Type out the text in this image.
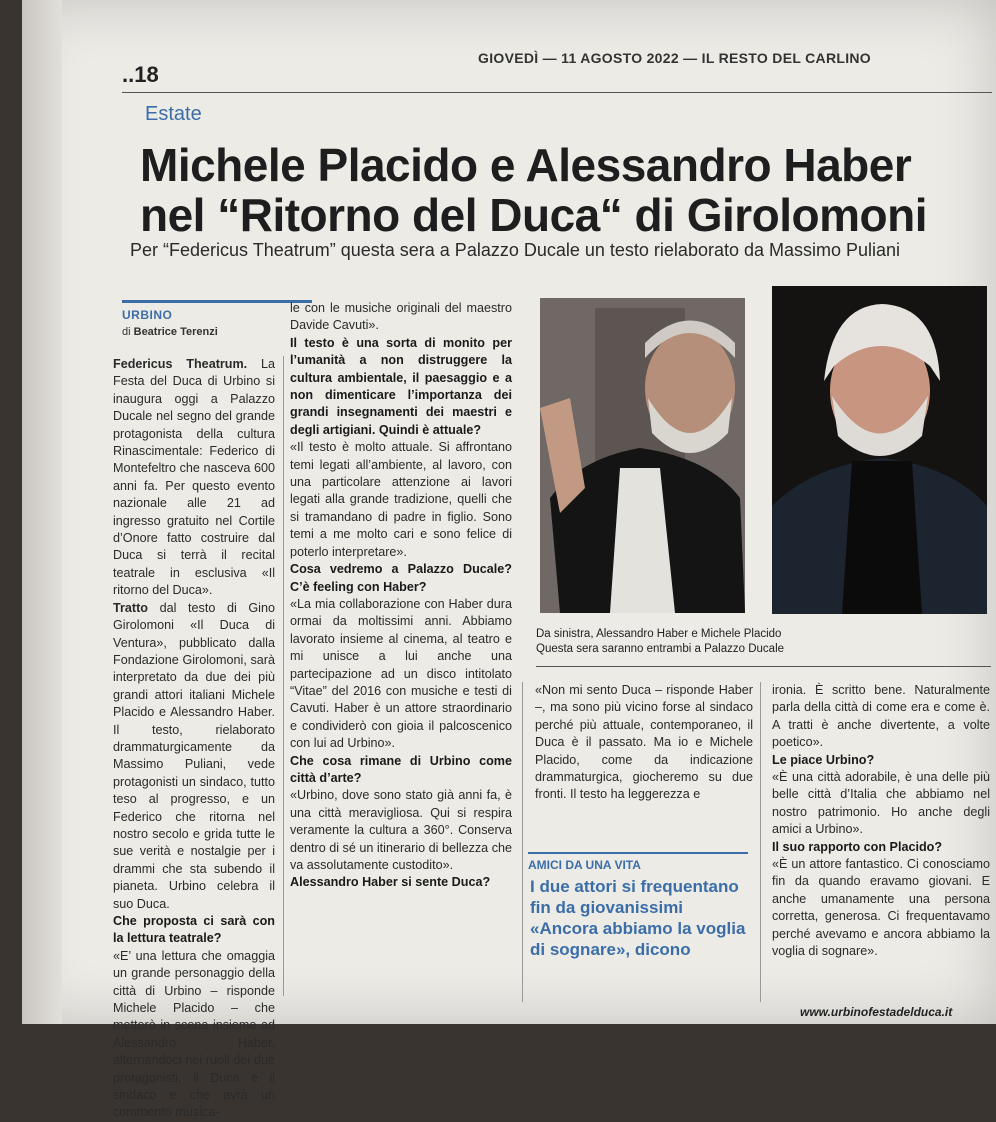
..18
GIOVEDÌ — 11 AGOSTO 2022 — IL RESTO DEL CARLINO
Estate
Michele Placido e Alessandro Haber
nel “Ritorno del Duca“ di Girolomoni
Per “Federicus Theatrum” questa sera a Palazzo Ducale un testo rielaborato da Massimo Puliani
URBINO
di Beatrice Terenzi

Federicus Theatrum. La Festa del Duca di Urbino si inaugura oggi a Palazzo Ducale nel segno del grande protagonista della cultura Rinascimentale: Federico di Montefeltro che nasceva 600 anni fa. Per questo evento nazionale alle 21 ad ingresso gratuito nel Cortile d’Onore fatto costruire dal Duca si terrà il recital teatrale in esclusiva «Il ritorno del Duca».

Tratto dal testo di Gino Girolomoni «Il Duca di Ventura», pubblicato dalla Fondazione Girolomoni, sarà interpretato da due dei più grandi attori italiani Michele Placido e Alessandro Haber. Il testo, rielaborato drammaturgicamente da Massimo Puliani, vede protagonisti un sindaco, tutto teso al progresso, e un Federico che ritorna nel nostro secolo e grida tutte le sue verità e nostalgie per i drammi che sta subendo il pianeta. Urbino celebra il suo Duca.

Che proposta ci sarà con la lettura teatrale?

«E’ una lettura che omaggia un grande personaggio della città di Urbino – risponde Michele Placido – che metterò in scena insieme ad Alessandro Haber, alternandoci nei ruoli dei due protagonisti, il Duca e il sindaco e che avrà un commento musica-

le con le musiche originali del maestro Davide Cavuti».

Il testo è una sorta di monito per l’umanità a non distruggere la cultura ambientale, il paesaggio e a non dimenticare l’importanza dei grandi insegnamenti dei maestri e degli artigiani. Quindi è attuale?

«Il testo è molto attuale. Si affrontano temi legati all’ambiente, al lavoro, con una particolare attenzione ai lavori legati alla grande tradizione, quelli che si tramandano di padre in figlio. Sono temi a me molto cari e sono felice di poterlo interpretare».

Cosa vedremo a Palazzo Ducale? C’è feeling con Haber?

«La mia collaborazione con Haber dura ormai da moltissimi anni. Abbiamo lavorato insieme al cinema, al teatro e mi unisce a lui anche una partecipazione ad un disco intitolato “Vitae” del 2016 con musiche e testi di Cavuti. Haber è un attore straordinario e condividerò con gioia il palcoscenico con lui ad Urbino».

Che cosa rimane di Urbino come città d’arte?

«Urbino, dove sono stato già anni fa, è una città meravigliosa. Qui si respira veramente la cultura a 360°. Conserva dentro di sé un itinerario di bellezza che va assolutamente custodito».

Alessandro Haber si sente Duca?

Da sinistra, Alessandro Haber e Michele Placido
Questa sera saranno entrambi a Palazzo Ducale

«Non mi sento Duca – risponde Haber –, ma sono più vicino forse al sindaco perché più attuale, contemporaneo, il Duca è il passato. Ma io e Michele Placido, come da indicazione drammaturgica, giocheremo su due fronti. Il testo ha leggerezza e

ironia. È scritto bene. Naturalmente parla della città di come era e come è. A tratti è anche divertente, a volte poetico».

Le piace Urbino?

«È una città adorabile, è una delle più belle città d’Italia che abbiamo nel nostro patrimonio. Ho anche degli amici a Urbino».

Il suo rapporto con Placido?

«È un attore fantastico. Ci conosciamo fin da quando eravamo giovani. E anche umanamente una persona corretta, generosa. Ci frequentavamo perché avevamo e ancora abbiamo la voglia di sognare».

AMICI DA UNA VITA
I due attori si frequentano fin da giovanissimi «Ancora abbiamo la voglia di sognare», dicono
www.urbinofestadelduca.it
